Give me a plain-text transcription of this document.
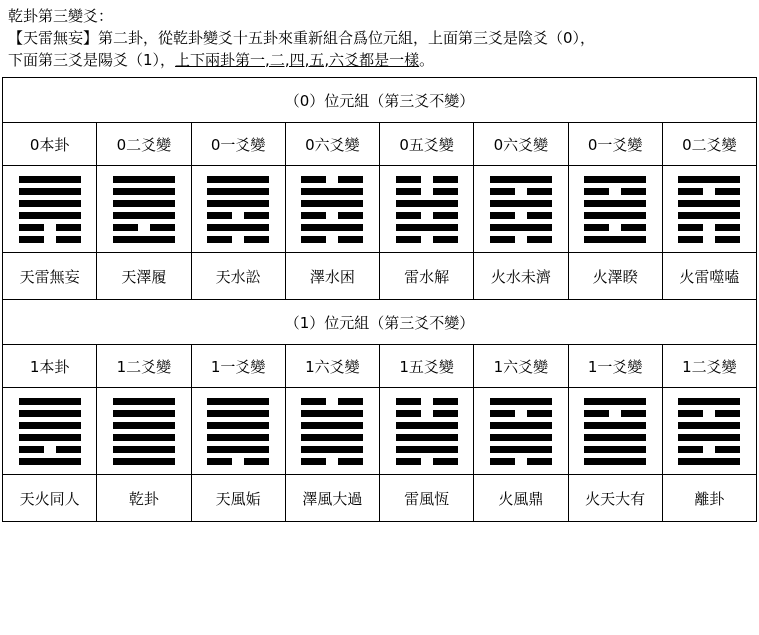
乾卦第三變爻：
【天雷無妄】第二卦，從乾卦變爻十五卦來重新組合爲位元組，上面第三爻是陰爻（0），
下面第三爻是陽爻（1），上下兩卦第一,二,四,五,六爻都是一樣。
（0）位元組（第三爻不變）							
0本卦	0二爻變	0一爻變	0六爻變	0五爻變	0六爻變	0一爻變	0二爻變

天雷無妄	天澤履	天水訟	澤水困	雷水解	火水未濟	火澤睽	火雷噬嗑
（1）位元組（第三爻不變）							
1本卦	1二爻變	1一爻變	1六爻變	1五爻變	1六爻變	1一爻變	1二爻變

天火同人	乾卦	天風姤	澤風大過	雷風恆	火風鼎	火天大有	離卦
